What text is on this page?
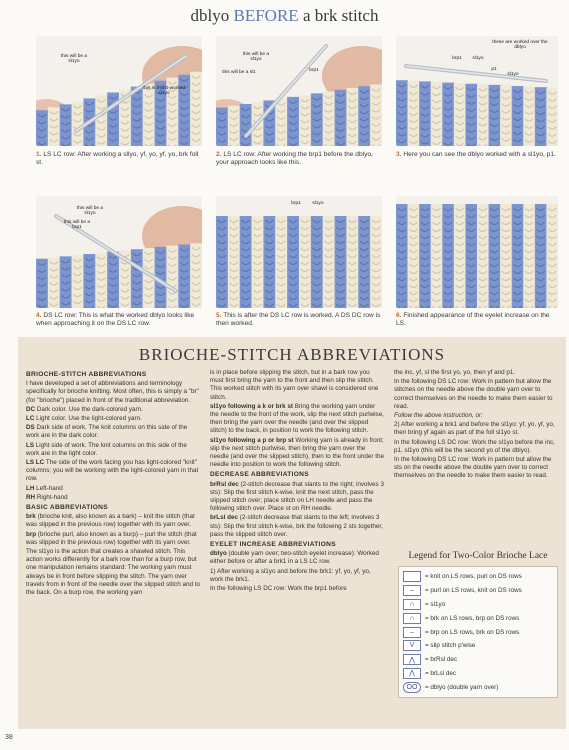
dblyo BEFORE a brk stitch
this will be a sl1yo
this is a just-worked sl1yo
this will be a sl1yo
this will be a sl1	brp1
these are worked over the dblyo
brp1	sl1yo
p1
sl1yo
this will be a sl1yo
this will be a brp1
brp1	sl1yo
1. LS LC row: After working a sllyo, yf, yo, yf, yo, brk foll st.
2. LS LC row: After working the brp1 before the dblyo, your approach looks like this.
3. Here you can see the dblyo worked with a sl1yo, p1.
4. DS LC row: This is what the worked dblyo looks like when approaching it on the DS LC row.
5. This is after the DS LC row is worked. A DS DC row is then worked.
6. Finished appearance of the eyelet increase on the LS.
BRIOCHE-STITCH ABBREVIATIONS
BRIOCHE-STITCH ABBREVIATIONS

I have developed a set of abbreviations and terminology specifically for brioche knitting. Most often, this is simply a "br" (for "brioche") placed in front of the traditional abbreviation.

DC Dark color. Use the dark-colored yarn.

LC Light color. Use the light-colored yarn.

DS Dark side of work. The knit columns on this side of the work are in the dark color.

LS Light side of work. The knit columns on this side of the work are in the light color.

LS LC The side of the work facing you has light-colored "knit" columns; you will be working with the light-colored yarn in that row.

LH Left-hand

RH Right-hand

BASIC ABBREVIATIONS

brk (brioche knit, also known as a bark) – knit the stitch (that was slipped in the previous row) together with its yarn over.

brp (brioche purl, also known as a burp) – purl the stitch (that was slipped in the previous row) together with its yarn over.

The sl1yo is the action that creates a shawled stitch. This action works differently for a bark row than for a burp row, but one manipulation remains standard: The working yarn must always be in front before slipping the stitch. The yarn over travels from in front of the needle over the slipped stitch and to the back. On a burp row, the working yarn

is in place before slipping the stitch, but in a bark row you must first bring the yarn to the front and then slip the stitch. This worked stitch with its yarn over shawl is considered one stitch.

sl1yo following a k or brk st Bring the working yarn under the needle to the front of the work, slip the next stitch purlwise, then bring the yarn over the needle (and over the slipped stitch) to the back, in position to work the following stitch.

sl1yo following a p or brp st Working yarn is already in front; slip the next stitch purlwise, then bring the yarn over the needle (and over the slipped stitch), then to the front under the needle into position to work the following stitch.

DECREASE ABBREVIATIONS

brRsl dec (2-stitch decrease that slants to the right; involves 3 sts): Slip the first stitch k-wise, knit the next stitch, pass the slipped stitch over; place stitch on LH needle and pass the following stitch over. Place st on RH needle.

brLsl dec (2-stitch decrease that slants to the left; involves 3 sts): Slip the first stitch k-wise, brk the following 2 sts together, pass the slipped stitch over.

EYELET INCREASE ABBREVIATIONS

dblyo (double yarn over; two-stitch eyelet increase): Worked either before or after a brk1 in a LS LC row.

1) After working a sl1yo and before the brk1: yf, yo, yf, yo, work the brk1.

In the following LS DC row: Work the brp1 before

the inc, yf, sl the first yo, yo, then yf and p1.

In the following DS LC row: Work in pattern but allow the stitches on the needle above the double yarn over to correct themselves on the needle to make them easier to read.

Follow the above instruction, or:

2) After working a brk1 and before the sl1yo: yf, yo, yf, yo, then bring yf again as part of the foll sl1yo st.

In the following LS DC row: Work the sl1yo before the inc, p1, sl1yo (this will be the second yo of the dblyo).

In the following DS LC row: Work in pattern but allow the sts on the needle above the double yarn over to correct themselves on the needle to make them easier to read.

Legend for Two-Color Brioche Lace
= knit on LS rows, purl on DS rows
–	= purl on LS rows, knit on DS rows
∩	= sl1yo
∩	= brk on LS rows, brp on DS rows
–	= brp on LS rows, brk on DS rows
V	= slip stitch p'wise
⋀	= brRsl dec
⋀	= brLsl dec
OO	= dblyo (double yarn over)
38
